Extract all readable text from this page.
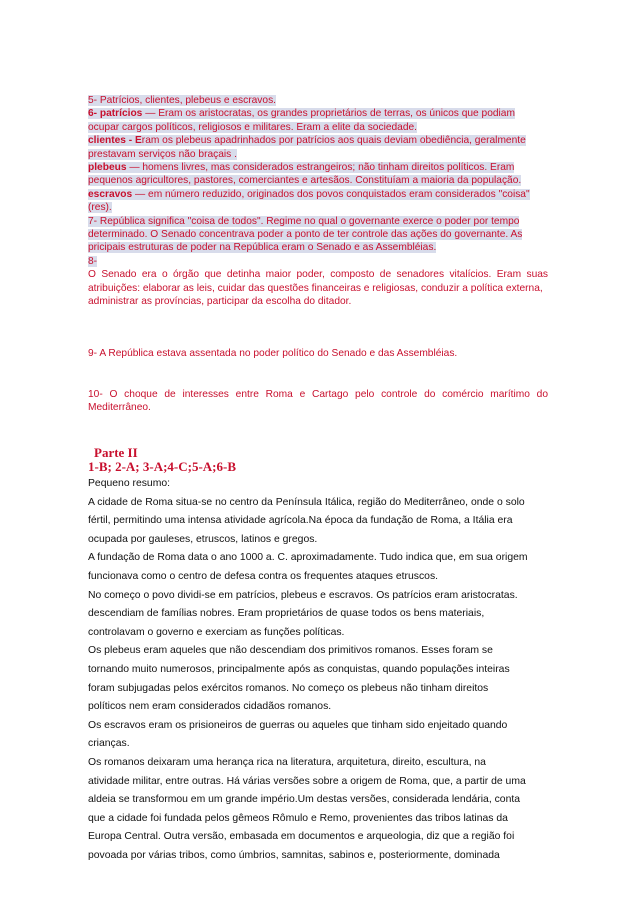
5- Patrícios, clientes, plebeus e escravos.

6- patrícios — Eram os aristocratas, os grandes proprietários de terras, os únicos que podiam

ocupar cargos políticos, religiosos e militares. Eram a elite da sociedade.

clientes - Eram os plebeus apadrinhados por patrícios aos quais deviam obediência, geralmente

prestavam serviços não braçais .

plebeus — homens livres, mas considerados estrangeiros; não tinham direitos políticos. Eram

pequenos agricultores, pastores, comerciantes e artesãos. Constituíam a maioria da população.

escravos — em número reduzido, originados dos povos conquistados eram considerados "coisa"

(res).

7- República significa "coisa de todos". Regime no qual o governante exerce o poder por tempo

determinado. O Senado concentrava poder a ponto de ter controle das ações do governante. As

pricipais estruturas de poder na República eram o Senado e as Assembléias.

8-

O Senado era o órgão que detinha maior poder, composto de senadores vitalícios. Eram suas

atribuições: elaborar as leis, cuidar das questões financeiras e religiosas, conduzir a política externa,

administrar as províncias, participar da escolha do ditador.

9- A República estava assentada no poder político do Senado e das Assembléias.

10- O choque de interesses entre Roma e Cartago pelo controle do comércio marítimo do

Mediterrâneo.

Parte II
1-B; 2-A; 3-A;4-C;5-A;6-B
Pequeno resumo:
A cidade de Roma situa-se no centro da Península Itálica, região do Mediterrâneo, onde o solo
fértil, permitindo uma intensa atividade agrícola.Na época da fundação de Roma, a Itália era
ocupada por gauleses, etruscos, latinos e gregos.
A fundação de Roma data o ano 1000 a. C. aproximadamente. Tudo indica que, em sua origem
funcionava como o centro de defesa contra os frequentes ataques etruscos.
No começo o povo dividi-se em patrícios, plebeus e escravos. Os patrícios eram aristocratas.
descendiam de famílias nobres. Eram proprietários de quase todos os bens materiais,
controlavam o governo e exerciam as funções políticas.
Os plebeus eram aqueles que não descendiam dos primitivos romanos. Esses foram se
tornando muito numerosos, principalmente após as conquistas, quando populações inteiras
foram subjugadas pelos exércitos romanos. No começo os plebeus não tinham direitos
políticos nem eram considerados cidadãos romanos.
Os escravos eram os prisioneiros de guerras ou aqueles que tinham sido enjeitado quando
crianças.
Os romanos deixaram uma herança rica na literatura, arquitetura, direito, escultura, na
atividade militar, entre outras. Há várias versões sobre a origem de Roma, que, a partir de uma
aldeia se transformou em um grande império.Um destas versões, considerada lendária, conta
que a cidade foi fundada pelos gêmeos Rômulo e Remo, provenientes das tribos latinas da
Europa Central. Outra versão, embasada em documentos e arqueologia, diz que a região foi
povoada por várias tribos, como úmbrios, samnitas, sabinos e, posteriormente, dominada
